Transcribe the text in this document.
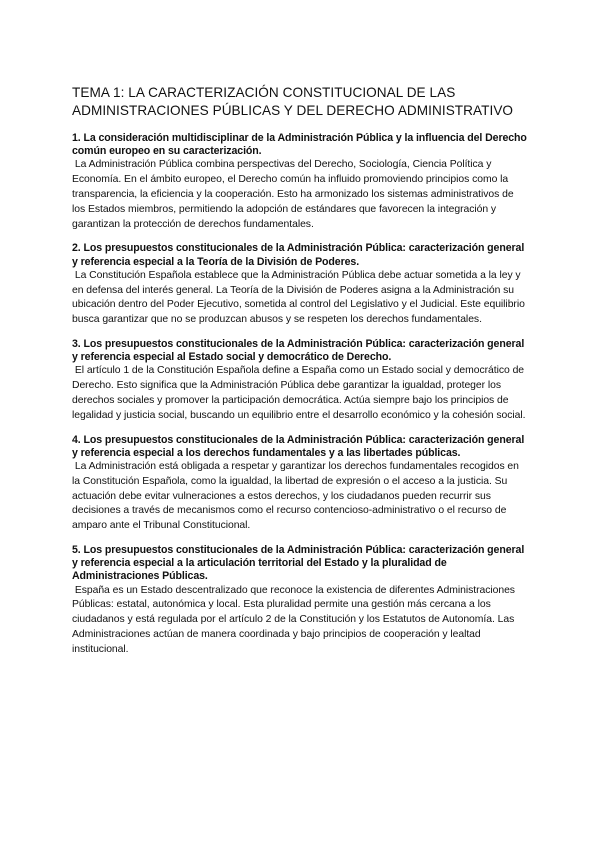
TEMA 1: LA CARACTERIZACIÓN CONSTITUCIONAL DE LAS ADMINISTRACIONES PÚBLICAS Y DEL DERECHO ADMINISTRATIVO

1. La consideración multidisciplinar de la Administración Pública y la influencia del Derecho común europeo en su caracterización.

La Administración Pública combina perspectivas del Derecho, Sociología, Ciencia Política y Economía. En el ámbito europeo, el Derecho común ha influido promoviendo principios como la transparencia, la eficiencia y la cooperación. Esto ha armonizado los sistemas administrativos de los Estados miembros, permitiendo la adopción de estándares que favorecen la integración y garantizan la protección de derechos fundamentales.

2. Los presupuestos constitucionales de la Administración Pública: caracterización general y referencia especial a la Teoría de la División de Poderes.

La Constitución Española establece que la Administración Pública debe actuar sometida a la ley y en defensa del interés general. La Teoría de la División de Poderes asigna a la Administración su ubicación dentro del Poder Ejecutivo, sometida al control del Legislativo y el Judicial. Este equilibrio busca garantizar que no se produzcan abusos y se respeten los derechos fundamentales.

3. Los presupuestos constitucionales de la Administración Pública: caracterización general y referencia especial al Estado social y democrático de Derecho.

El artículo 1 de la Constitución Española define a España como un Estado social y democrático de Derecho. Esto significa que la Administración Pública debe garantizar la igualdad, proteger los derechos sociales y promover la participación democrática. Actúa siempre bajo los principios de legalidad y justicia social, buscando un equilibrio entre el desarrollo económico y la cohesión social.

4. Los presupuestos constitucionales de la Administración Pública: caracterización general y referencia especial a los derechos fundamentales y a las libertades públicas.

La Administración está obligada a respetar y garantizar los derechos fundamentales recogidos en la Constitución Española, como la igualdad, la libertad de expresión o el acceso a la justicia. Su actuación debe evitar vulneraciones a estos derechos, y los ciudadanos pueden recurrir sus decisiones a través de mecanismos como el recurso contencioso-administrativo o el recurso de amparo ante el Tribunal Constitucional.

5. Los presupuestos constitucionales de la Administración Pública: caracterización general y referencia especial a la articulación territorial del Estado y la pluralidad de Administraciones Públicas.

España es un Estado descentralizado que reconoce la existencia de diferentes Administraciones Públicas: estatal, autonómica y local. Esta pluralidad permite una gestión más cercana a los ciudadanos y está regulada por el artículo 2 de la Constitución y los Estatutos de Autonomía. Las Administraciones actúan de manera coordinada y bajo principios de cooperación y lealtad institucional.
